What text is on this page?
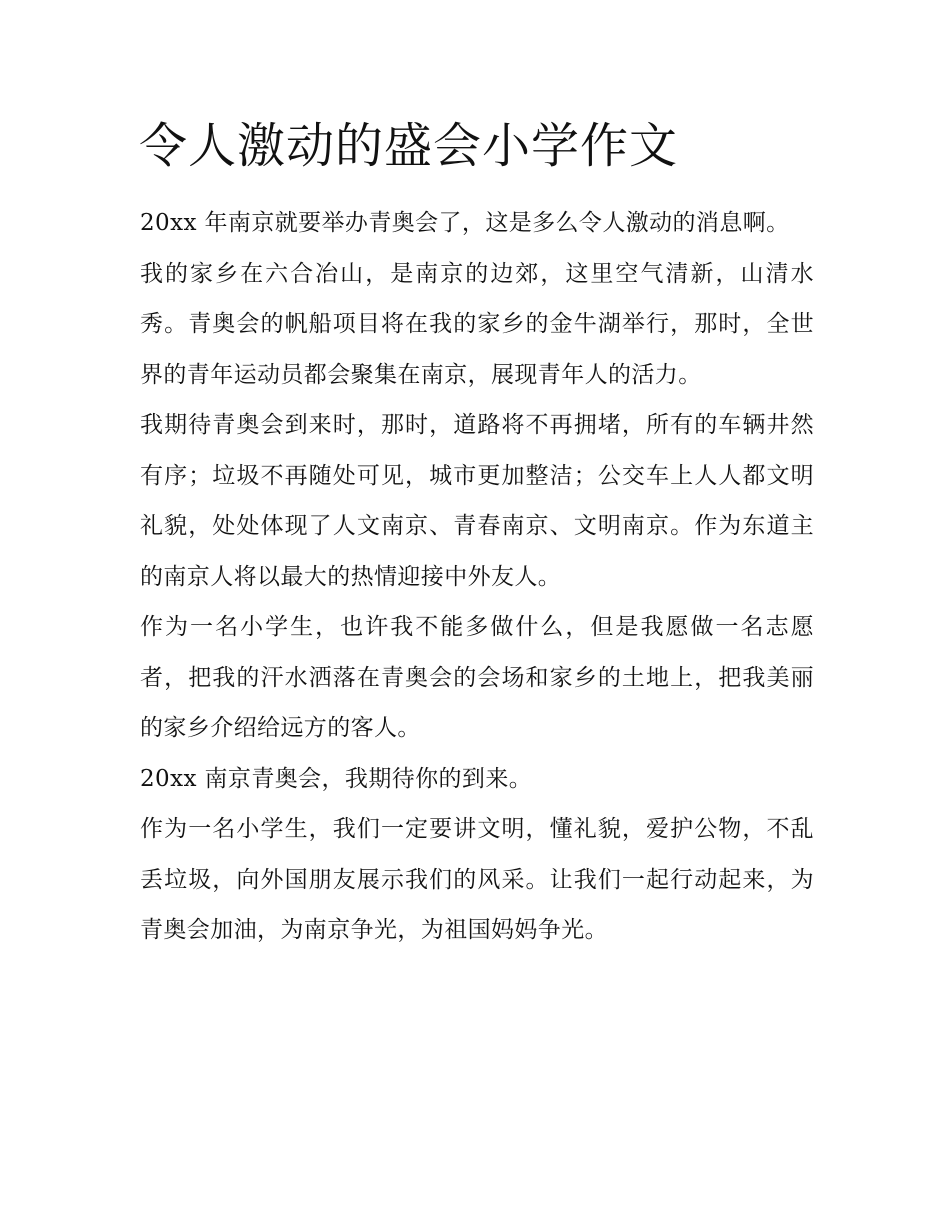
令人激动的盛会小学作文

20xx 年南京就要举办青奥会了，这是多么令人激动的消息啊。

我的家乡在六合冶山，是南京的边郊，这里空气清新，山清水秀。青奥会的帆船项目将在我的家乡的金牛湖举行，那时，全世界的青年运动员都会聚集在南京，展现青年人的活力。

我期待青奥会到来时，那时，道路将不再拥堵，所有的车辆井然有序；垃圾不再随处可见，城市更加整洁；公交车上人人都文明礼貌，处处体现了人文南京、青春南京、文明南京。作为东道主的南京人将以最大的热情迎接中外友人。

作为一名小学生，也许我不能多做什么，但是我愿做一名志愿者，把我的汗水洒落在青奥会的会场和家乡的土地上，把我美丽的家乡介绍给远方的客人。

20xx 南京青奥会，我期待你的到来。

作为一名小学生，我们一定要讲文明，懂礼貌，爱护公物，不乱丢垃圾，向外国朋友展示我们的风采。让我们一起行动起来，为青奥会加油，为南京争光，为祖国妈妈争光。
